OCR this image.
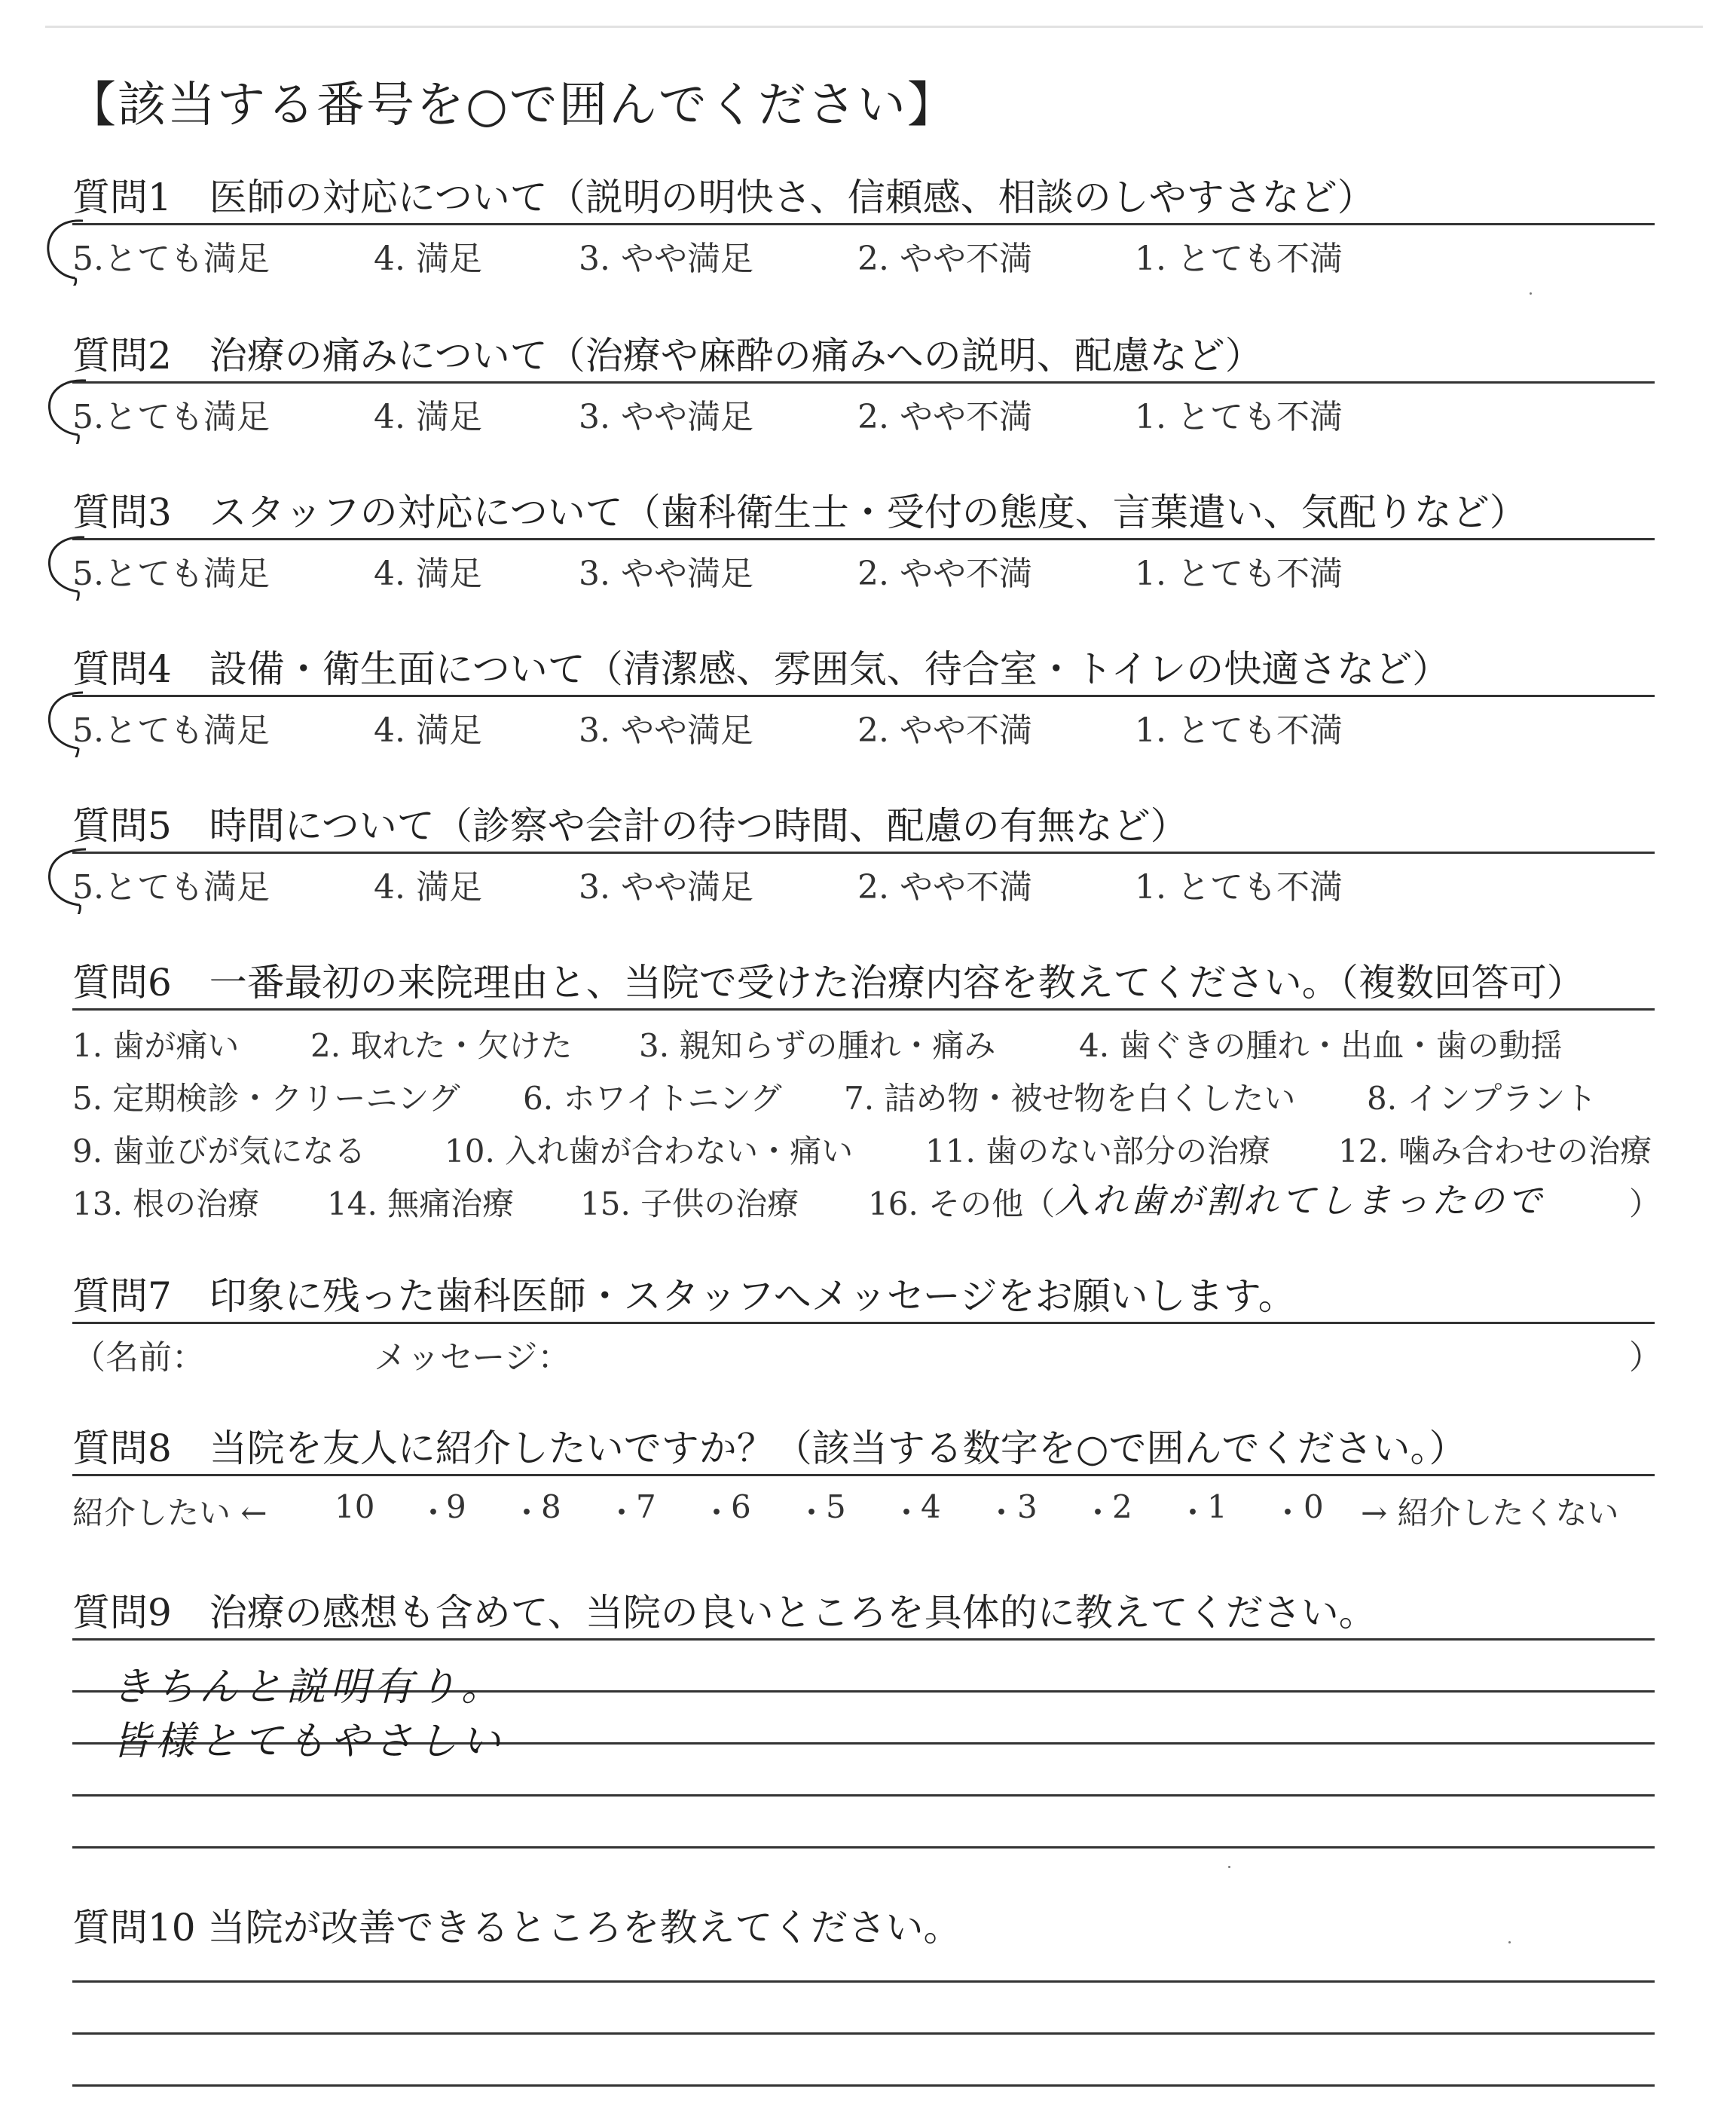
【該当する番号を○で囲んでください】
質問1　医師の対応について（説明の明快さ、信頼感、相談のしやすさなど）
5.とても満足	4. 満足	3. やや満足	2. やや不満	1. とても不満
質問2　治療の痛みについて（治療や麻酔の痛みへの説明、配慮など）
5.とても満足	4. 満足	3. やや満足	2. やや不満	1. とても不満
質問3　スタッフの対応について（歯科衛生士・受付の態度、言葉遣い、気配りなど）
5.とても満足	4. 満足	3. やや満足	2. やや不満	1. とても不満
質問4　設備・衛生面について（清潔感、雰囲気、待合室・トイレの快適さなど）
5.とても満足	4. 満足	3. やや満足	2. やや不満	1. とても不満
質問5　時間について（診察や会計の待つ時間、配慮の有無など）
5.とても満足	4. 満足	3. やや満足	2. やや不満	1. とても不満
質問6　一番最初の来院理由と、当院で受けた治療内容を教えてください。（複数回答可）
1. 歯が痛い 2. 取れた・欠けた 3. 親知らずの腫れ・痛み	4. 歯ぐきの腫れ・出血・歯の動揺
5. 定期検診・クリーニング 6. ホワイトニング 7. 詰め物・被せ物を白くしたい 8. インプラント
9. 歯並びが気になる 10. 入れ歯が合わない・痛い 11. 歯のない部分の治療 12. 噛み合わせの治療
13. 根の治療 14. 無痛治療 15. 子供の治療 16. その他（ 入れ歯が割れてしまったので	）
質問7　印象に残った歯科医師・スタッフへメッセージをお願いします。
（名前：	メッセージ：	）
質問8　当院を友人に紹介したいですか？（該当する数字を○で囲んでください。）
紹介したい ← 10 ・
9 ・
8 ・
7 ・
6 ・
5 ・
4 ・ 3 ・
2 ・
1 ・ 0 → 紹介したくない
質問9　治療の感想も含めて、当院の良いところを具体的に教えてください。
きちんと説明有り。
皆様とてもやさしい
質問10 当院が改善できるところを教えてください。
